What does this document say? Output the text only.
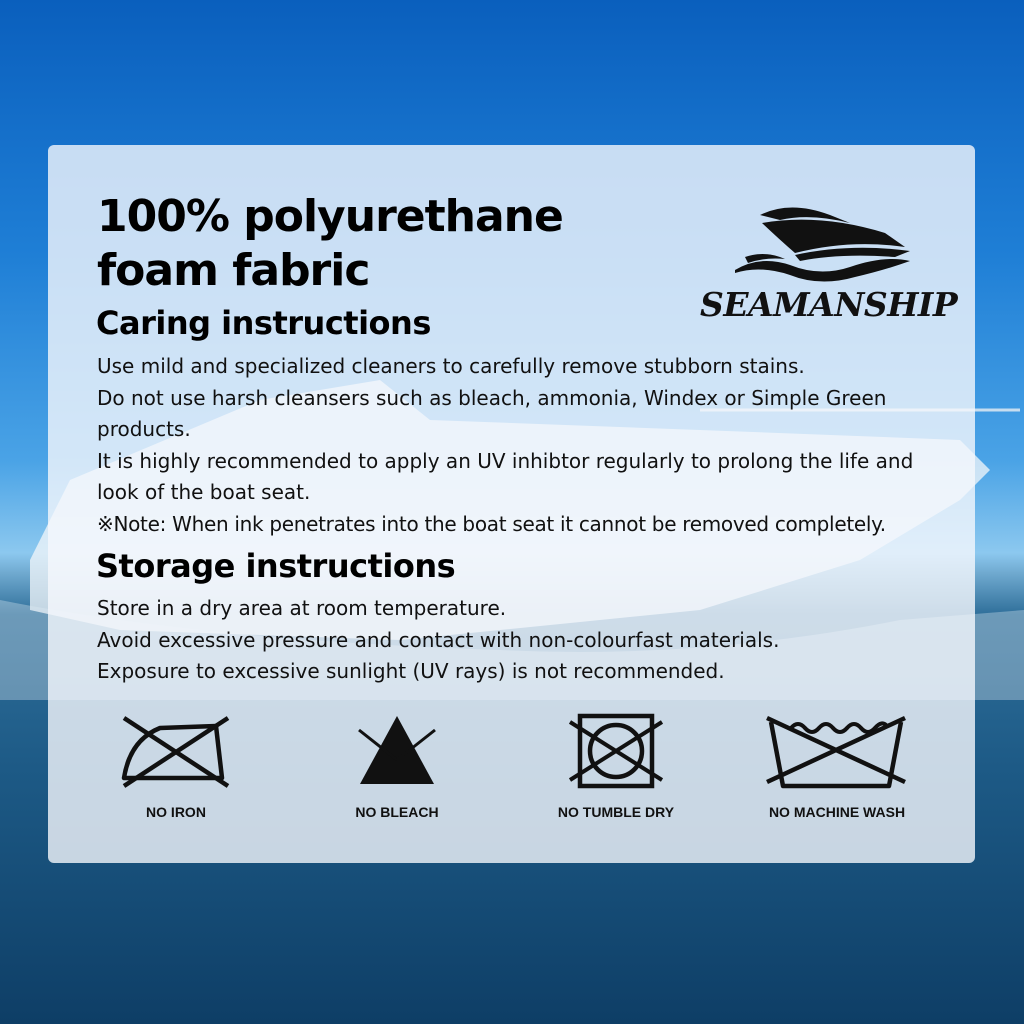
100% polyurethane
foam fabric
SEAMANSHIP
Caring instructions

Use mild and specialized cleaners to carefully remove stubborn stains.

Do not use harsh cleansers such as bleach, ammonia, Windex or Simple Green products.

It is highly recommended to apply an UV inhibtor regularly to prolong the life and look of the boat seat.

※Note: When ink penetrates into the boat seat it cannot be removed completely.

Storage instructions

Store in a dry area at room temperature.

Avoid excessive pressure and contact with non-colourfast materials.

Exposure to excessive sunlight (UV rays) is not recommended.

NO IRON	NO BLEACH	NO TUMBLE DRY	NO MACHINE WASH
